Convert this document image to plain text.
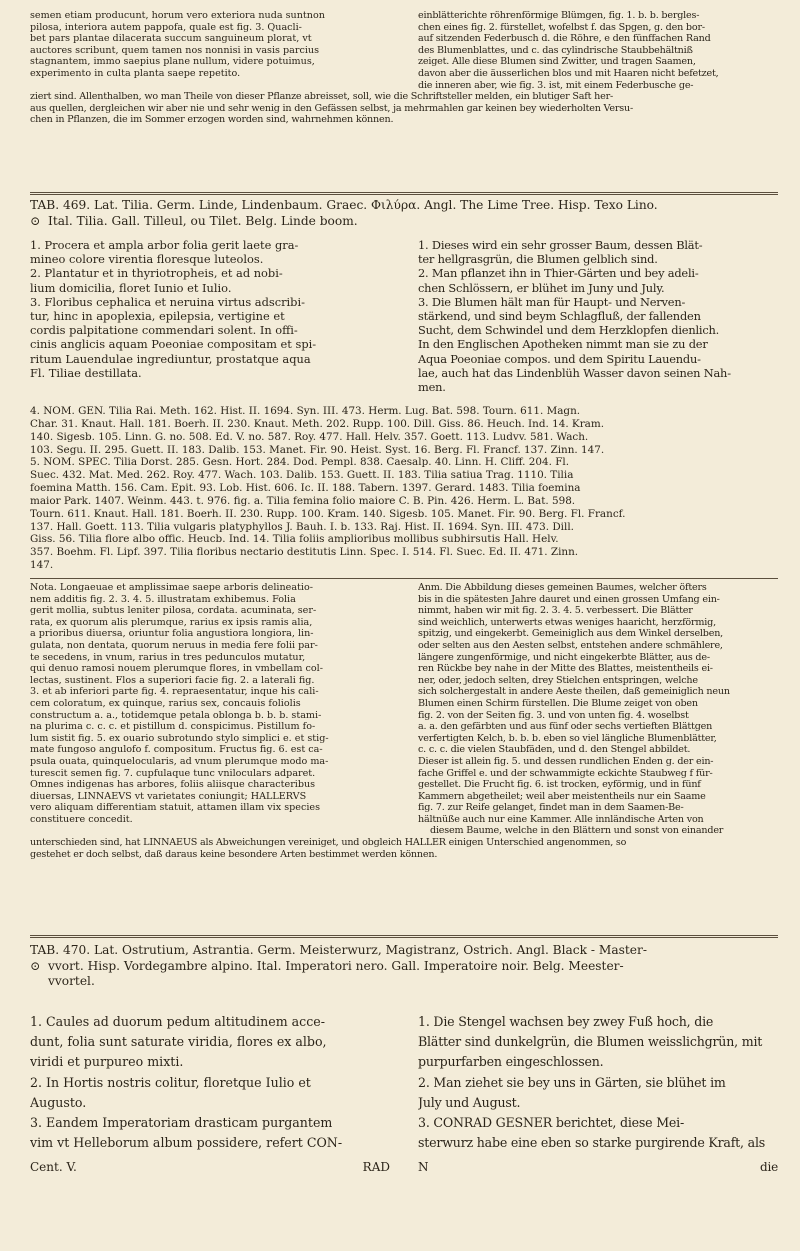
semen etiam producunt, horum vero exteriora nuda suntnon
pilosa, interiora autem pappofa, quale est fig. 3. Quacli-
bet pars plantae dilacerata succum sanguineum plorat, vt
auctores scribunt, quem tamen nos nonnisi in vasis parcius
stagnantem, immo saepius plane nullum, videre potuimus,
experimento in culta planta saepe repetito.
einblätterichte röhrenförmige Blümgen, fig. 1. b. b. bergles-
chen eines fig. 2. fürstellet, wofelbst f. das Spgen, g. den bor-
auf sitzenden Federbusch d. die Röhre, e den fünffachen Rand
des Blumenblattes, und c. das cylindrische Staubbehältniß
zeiget. Alle diese Blumen sind Zwitter, und tragen Saamen,
davon aber die äusserlichen blos und mit Haaren nicht befetzet,
die inneren aber, wie fig. 3. ist, mit einem Federbusche ge-
ziert sind. Allenthalben, wo man Theile von dieser Pflanze abreisset, soll, wie die Schriftsteller melden, ein blutiger Saft her-
aus quellen, dergleichen wir aber nie und sehr wenig in den Gefässen selbst, ja mehrmahlen gar keinen bey wiederholten Versu-
chen in Pflanzen, die im Sommer erzogen worden sind, wahrnehmen können.
TAB. 469. Lat. Tilia. Germ. Linde, Lindenbaum. Graec. Φιλύρα. Angl. The Lime Tree. Hisp. Texo Lino.
⊙ Ital. Tilia. Gall. Tilleul, ou Tilet. Belg. Linde boom.
1. Procera et ampla arbor folia gerit laete gra-
mineo colore virentia floresque luteolos.
2. Plantatur et in thyriotropheis, et ad nobi-
lium domicilia, floret Iunio et Iulio.
3. Floribus cephalica et neruina virtus adscribi-
tur, hinc in apoplexia, epilepsia, vertigine et
cordis palpitatione commendari solent. In offi-
cinis anglicis aquam Poeoniae compositam et spi-
ritum Lauendulae ingrediuntur, prostatque aqua
Fl. Tiliae destillata.
1. Dieses wird ein sehr grosser Baum, dessen Blät-
ter hellgrasgrün, die Blumen gelblich sind.
2. Man pflanzet ihn in Thier-Gärten und bey adeli-
chen Schlössern, er blühet im Juny und July.
3. Die Blumen hält man für Haupt- und Nerven-
stärkend, und sind beym Schlagfluß, der fallenden
Sucht, dem Schwindel und dem Herzklopfen dienlich.
In den Englischen Apotheken nimmt man sie zu der
Aqua Poeoniae compos. und dem Spiritu Lauendu-
lae, auch hat das Lindenblüh Wasser davon seinen Nah-
men.
4. NOM. GEN. Tilia Rai. Meth. 162. Hist. II. 1694. Syn. III. 473. Herm. Lug. Bat. 598. Tourn. 611. Magn.
Char. 31. Knaut. Hall. 181. Boerh. II. 230. Knaut. Meth. 202. Rupp. 100. Dill. Giss. 86. Heuch. Ind. 14. Kram.
140. Sigesb. 105. Linn. G. no. 508. Ed. V. no. 587. Roy. 477. Hall. Helv. 357. Goett. 113. Ludvv. 581. Wach.
103. Segu. II. 295. Guett. II. 183. Dalib. 153. Manet. Fir. 90. Heist. Syst. 16. Berg. Fl. Francf. 137. Zinn. 147.
5. NOM. SPEC. Tilia Dorst. 285. Gesn. Hort. 284. Dod. Pempl. 838. Caesalp. 40. Linn. H. Cliff. 204. Fl.
Suec. 432. Mat. Med. 262. Roy. 477. Wach. 103. Dalib. 153. Guett. II. 183. Tilia satiua Trag. 1110. Tilia
foemina Matth. 156. Cam. Epit. 93. Lob. Hist. 606. Ic. II. 188. Tabern. 1397. Gerard. 1483. Tilia foemina
maior Park. 1407. Weinm. 443. t. 976. fig. a. Tilia femina folio maiore C. B. Pin. 426. Herm. L. Bat. 598.
Tourn. 611. Knaut. Hall. 181. Boerh. II. 230. Rupp. 100. Kram. 140. Sigesb. 105. Manet. Fir. 90. Berg. Fl. Francf.
137. Hall. Goett. 113. Tilia vulgaris platyphyllos J. Bauh. I. b. 133. Raj. Hist. II. 1694. Syn. III. 473. Dill.
Giss. 56. Tilia flore albo offic. Heucb. Ind. 14. Tilia foliis amplioribus mollibus subhirsutis Hall. Helv.
357. Boehm. Fl. Lipf. 397. Tilia floribus nectario destitutis Linn. Spec. I. 514. Fl. Suec. Ed. II. 471. Zinn.
147.
Nota. Longaeuae et amplissimae saepe arboris delineatio-
nem additis fig. 2. 3. 4. 5. illustratam exhibemus. Folia
gerit mollia, subtus leniter pilosa, cordata. acuminata, ser-
rata, ex quorum alis plerumque, rarius ex ipsis ramis alia,
a prioribus diuersa, oriuntur folia angustiora longiora, lin-
gulata, non dentata, quorum neruus in media fere folii par-
te secedens, in vnum, rarius in tres pedunculos mutatur,
qui denuo ramosi nouem plerumque flores, in vmbellam col-
lectas, sustinent. Flos a superiori facie fig. 2. a laterali fig.
3. et ab inferiori parte fig. 4. repraesentatur, inque his cali-
cem coloratum, ex quinque, rarius sex, concauis foliolis
constructum a. a., totidemque petala oblonga b. b. b. stami-
na plurima c. c. c. et pistillum d. conspicimus. Pistillum fo-
lum sistit fig. 5. ex ouario subrotundo stylo simplici e. et stig-
mate fungoso angulofo f. compositum. Fructus fig. 6. est ca-
psula ouata, quinquelocularis, ad vnum plerumque modo ma-
turescit semen fig. 7. cupfulaque tunc vniloculars adparet.
Omnes indigenas has arbores, foliis aliisque characteribus
diuersas, LINNAEVS vt varietates coniungit; HALLERVS
vero aliquam differentiam statuit, attamen illam vix species
constituere concedit.
Anm. Die Abbildung dieses gemeinen Baumes, welcher öfters
bis in die spätesten Jahre dauret und einen grossen Umfang ein-
nimmt, haben wir mit fig. 2. 3. 4. 5. verbessert. Die Blätter
sind weichlich, unterwerts etwas weniges haaricht, herzförmig,
spitzig, und eingekerbt. Gemeiniglich aus dem Winkel derselben,
oder selten aus den Aesten selbst, entstehen andere schmählere,
längere zungenförmige, und nicht eingekerbte Blätter, aus de-
ren Rückbe bey nahe in der Mitte des Blattes, meistentheils ei-
ner, oder, jedoch selten, drey Stielchen entspringen, welche
sich solchergestalt in andere Aeste theilen, daß gemeiniglich neun
Blumen einen Schirm fürstellen. Die Blume zeiget von oben
fig. 2. von der Seiten fig. 3. und von unten fig. 4. woselbst
a. a. den gefärbten und aus fünf oder sechs vertieften Blättgen
verfertigten Kelch, b. b. b. eben so viel längliche Blumenblätter,
c. c. c. die vielen Staubfäden, und d. den Stengel abbildet.
Dieser ist allein fig. 5. und dessen rundlichen Enden g. der ein-
fache Griffel e. und der schwammigte eckichte Staubweg f für-
gestellet. Die Frucht fig. 6. ist trocken, eyförmig, und in fünf
Kammern abgetheilet; weil aber meistentheils nur ein Saame
fig. 7. zur Reife gelanget, findet man in dem Saamen-Be-
hältnüße auch nur eine Kammer. Alle innländische Arten von
diesem Baume, welche in den Blättern und sonst von einander
unterschieden sind, hat LINNAEUS als Abweichungen vereiniget, und obgleich HALLER einigen Unterschied angenommen, so
gestehet er doch selbst, daß daraus keine besondere Arten bestimmet werden können.
TAB. 470. Lat. Ostrutium, Astrantia. Germ. Meisterwurz, Magistranz, Ostrich. Angl. Black - Master-
⊙ vvort. Hisp. Vordegambre alpino. Ital. Imperatori nero. Gall. Imperatoire noir. Belg. Meester-
vvortel.
1. Caules ad duorum pedum altitudinem acce-
dunt, folia sunt saturate viridia, flores ex albo,
viridi et purpureo mixti.
2. In Hortis nostris colitur, floretque Iulio et
Augusto.
3. Eandem Imperatoriam drasticam purgantem
vim vt Helleborum album possidere, refert CON-
1. Die Stengel wachsen bey zwey Fuß hoch, die
Blätter sind dunkelgrün, die Blumen weisslichgrün, mit
purpurfarben eingeschlossen.
2. Man ziehet sie bey uns in Gärten, sie blühet im
July und August.
3. CONRAD GESNER berichtet, diese Mei-
sterwurz habe eine eben so starke purgirende Kraft, als
Cent. V.	RAD N	die
